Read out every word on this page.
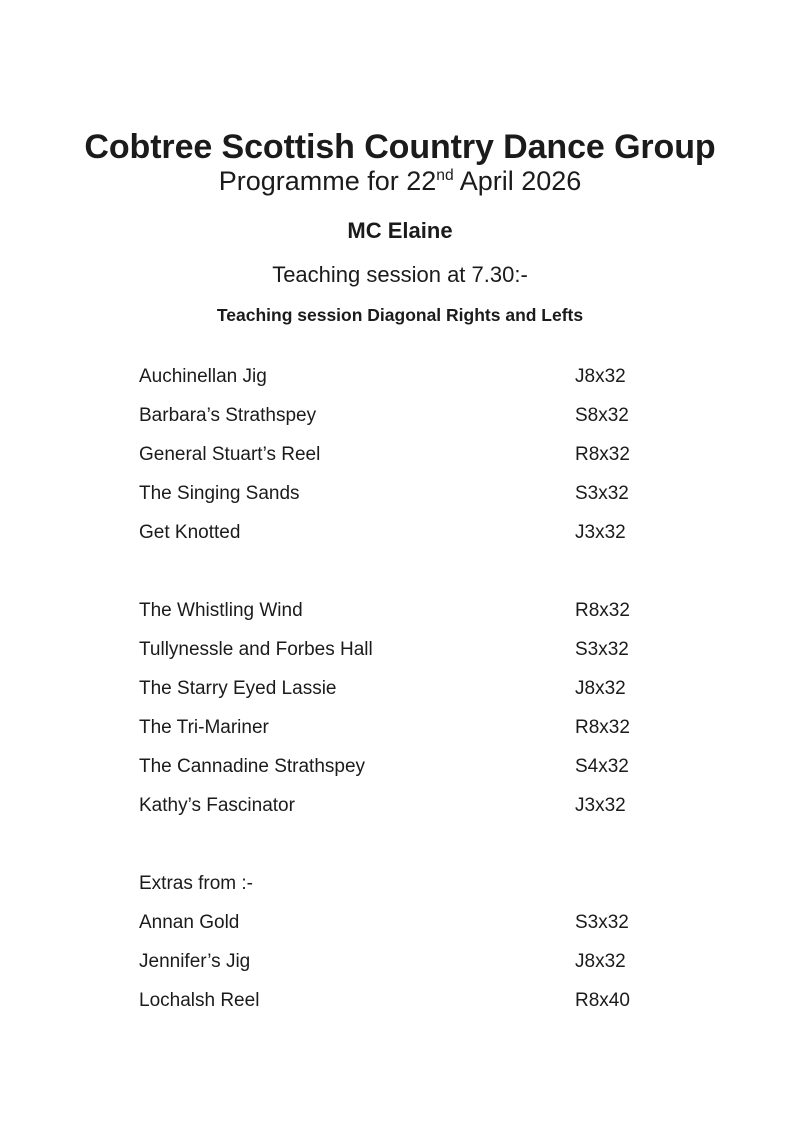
Cobtree Scottish Country Dance Group
Programme for 22nd April 2026
MC Elaine
Teaching session at 7.30:-
Teaching session Diagonal Rights and Lefts
Auchinellan Jig	J8x32
Barbara’s Strathspey	S8x32
General Stuart’s Reel	R8x32
The Singing Sands	S3x32
Get Knotted	J3x32
The Whistling Wind	R8x32
Tullynessle and Forbes Hall	S3x32
The Starry Eyed Lassie	J8x32
The Tri-Mariner	R8x32
The Cannadine Strathspey	S4x32
Kathy’s Fascinator	J3x32
Extras from :-
Annan Gold	S3x32
Jennifer’s Jig	J8x32
Lochalsh Reel	R8x40
